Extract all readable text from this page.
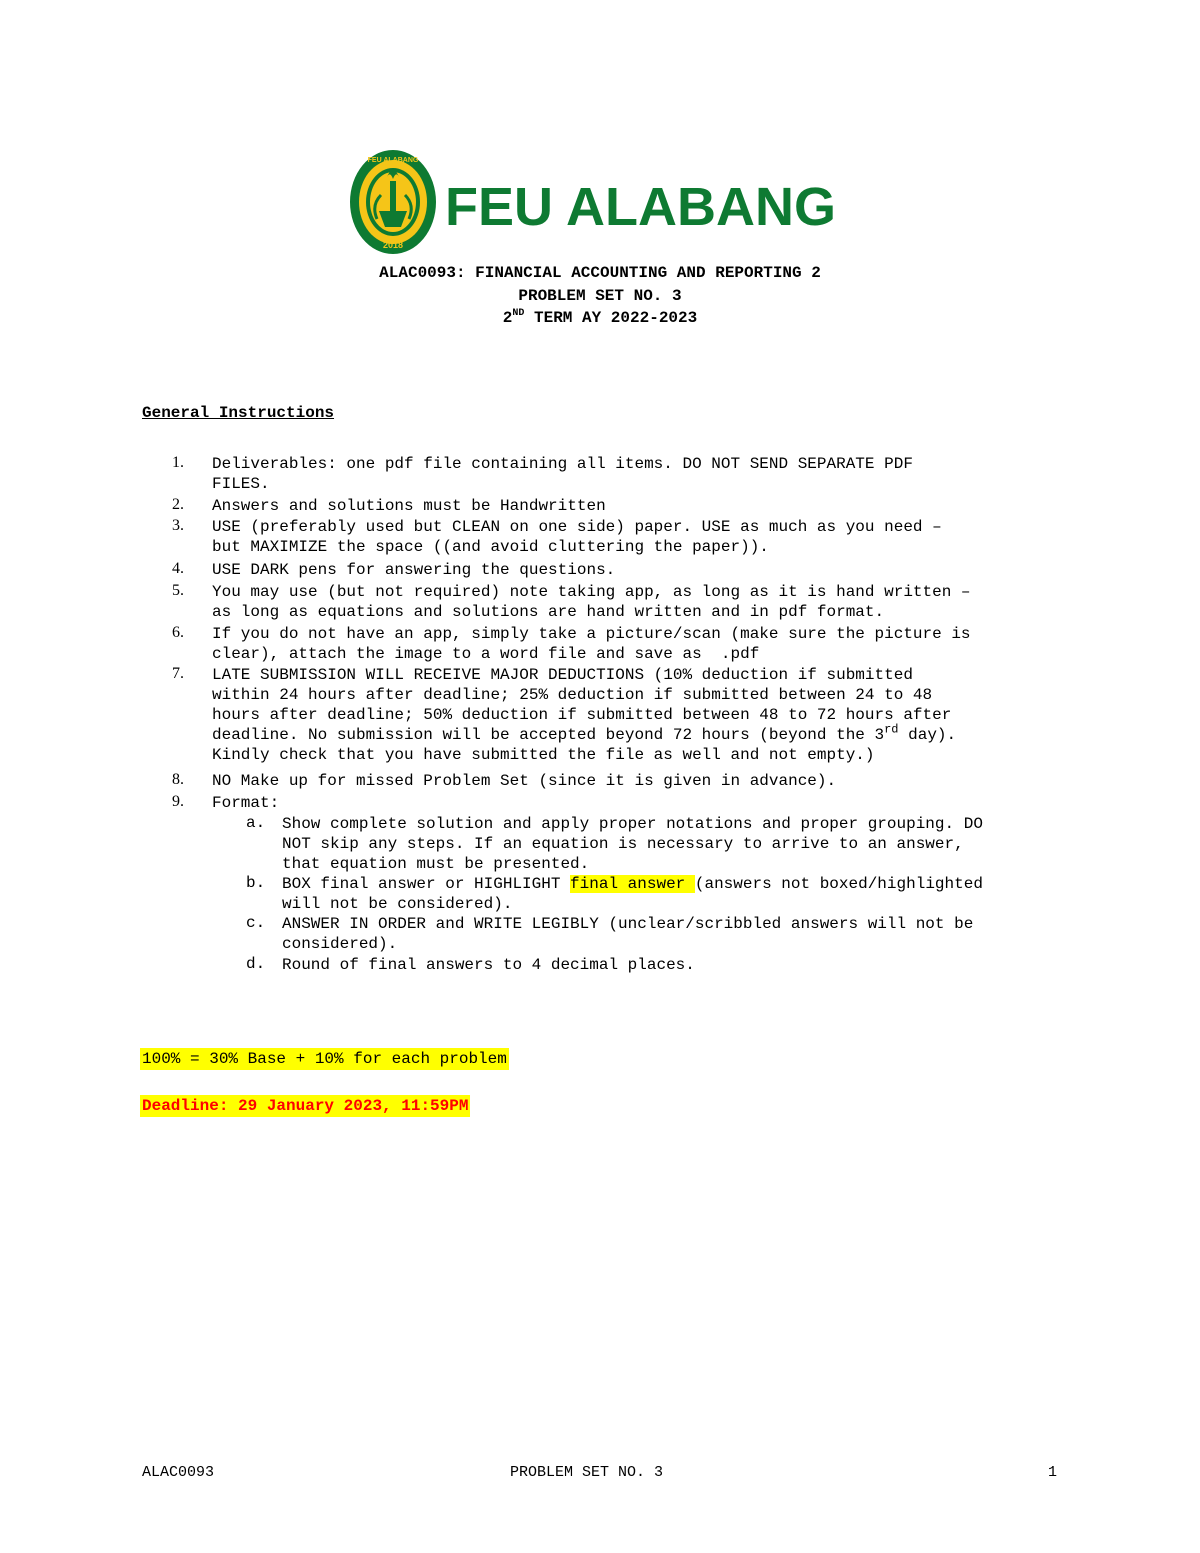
2018
FEU ALABANG
FEU ALABANG
ALAC0093: FINANCIAL ACCOUNTING AND REPORTING 2
PROBLEM SET NO. 3
2ND TERM AY 2022-2023
General Instructions
1. Deliverables: one pdf file containing all items. DO NOT SEND SEPARATE PDF
FILES.
2. Answers and solutions must be Handwritten
3. USE (preferably used but CLEAN on one side) paper. USE as much as you need –
but MAXIMIZE the space ((and avoid cluttering the paper)).
4. USE DARK pens for answering the questions.
5. You may use (but not required) note taking app, as long as it is hand written –
as long as equations and solutions are hand written and in pdf format.
6. If you do not have an app, simply take a picture/scan (make sure the picture is
clear), attach the image to a word file and save as  .pdf
7. LATE SUBMISSION WILL RECEIVE MAJOR DEDUCTIONS (10% deduction if submitted
within 24 hours after deadline; 25% deduction if submitted between 24 to 48
hours after deadline; 50% deduction if submitted between 48 to 72 hours after
deadline. No submission will be accepted beyond 72 hours (beyond the 3rd day).
Kindly check that you have submitted the file as well and not empty.)
8. NO Make up for missed Problem Set (since it is given in advance).
9. Format:
a. Show complete solution and apply proper notations and proper grouping. DO
NOT skip any steps. If an equation is necessary to arrive to an answer,
that equation must be presented.
b. BOX final answer or HIGHLIGHT final answer (answers not boxed/highlighted
will not be considered).
c. ANSWER IN ORDER and WRITE LEGIBLY (unclear/scribbled answers will not be
considered).
d. Round of final answers to 4 decimal places.
100% = 30% Base + 10% for each problem
Deadline: 29 January 2023, 11:59PM
ALAC0093	PROBLEM SET NO. 3	1
